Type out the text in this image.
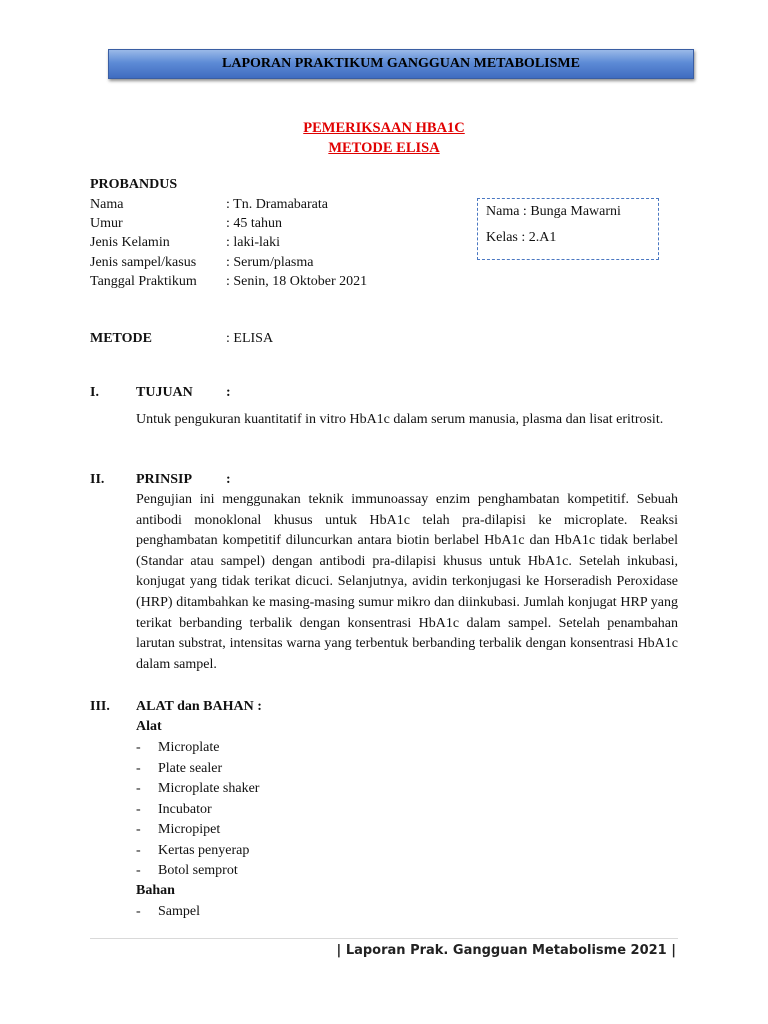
LAPORAN PRAKTIKUM GANGGUAN METABOLISME
PEMERIKSAAN HBA1C
METODE ELISA
PROBANDUS
Nama	: Tn. Dramabarata
Umur	: 45 tahun
Jenis Kelamin	: laki-laki
Jenis sampel/kasus	: Serum/plasma
Tanggal Praktikum	: Senin, 18 Oktober 2021
Nama : Bunga Mawarni
Kelas : 2.A1
METODE	: ELISA
I.	TUJUAN :
Untuk pengukuran kuantitatif in vitro HbA1c dalam serum manusia, plasma dan lisat eritrosit.
II. PRINSIP :
Pengujian ini menggunakan teknik immunoassay enzim penghambatan kompetitif. Sebuah antibodi monoklonal khusus untuk HbA1c telah pra-dilapisi ke microplate. Reaksi penghambatan kompetitif diluncurkan antara biotin berlabel HbA1c dan HbA1c tidak berlabel (Standar atau sampel) dengan antibodi pra-dilapisi khusus untuk HbA1c. Setelah inkubasi, konjugat yang tidak terikat dicuci. Selanjutnya, avidin terkonjugasi ke Horseradish Peroxidase (HRP) ditambahkan ke masing-masing sumur mikro dan diinkubasi. Jumlah konjugat HRP yang terikat berbanding terbalik dengan konsentrasi HbA1c dalam sampel. Setelah penambahan larutan substrat, intensitas warna yang terbentuk berbanding terbalik dengan konsentrasi HbA1c dalam sampel.
III. ALAT dan BAHAN :
Alat
- Microplate
- Plate sealer
- Microplate shaker
- Incubator
- Micropipet
- Kertas penyerap
- Botol semprot
Bahan
- Sampel
| Laporan Prak. Gangguan Metabolisme 2021 |
